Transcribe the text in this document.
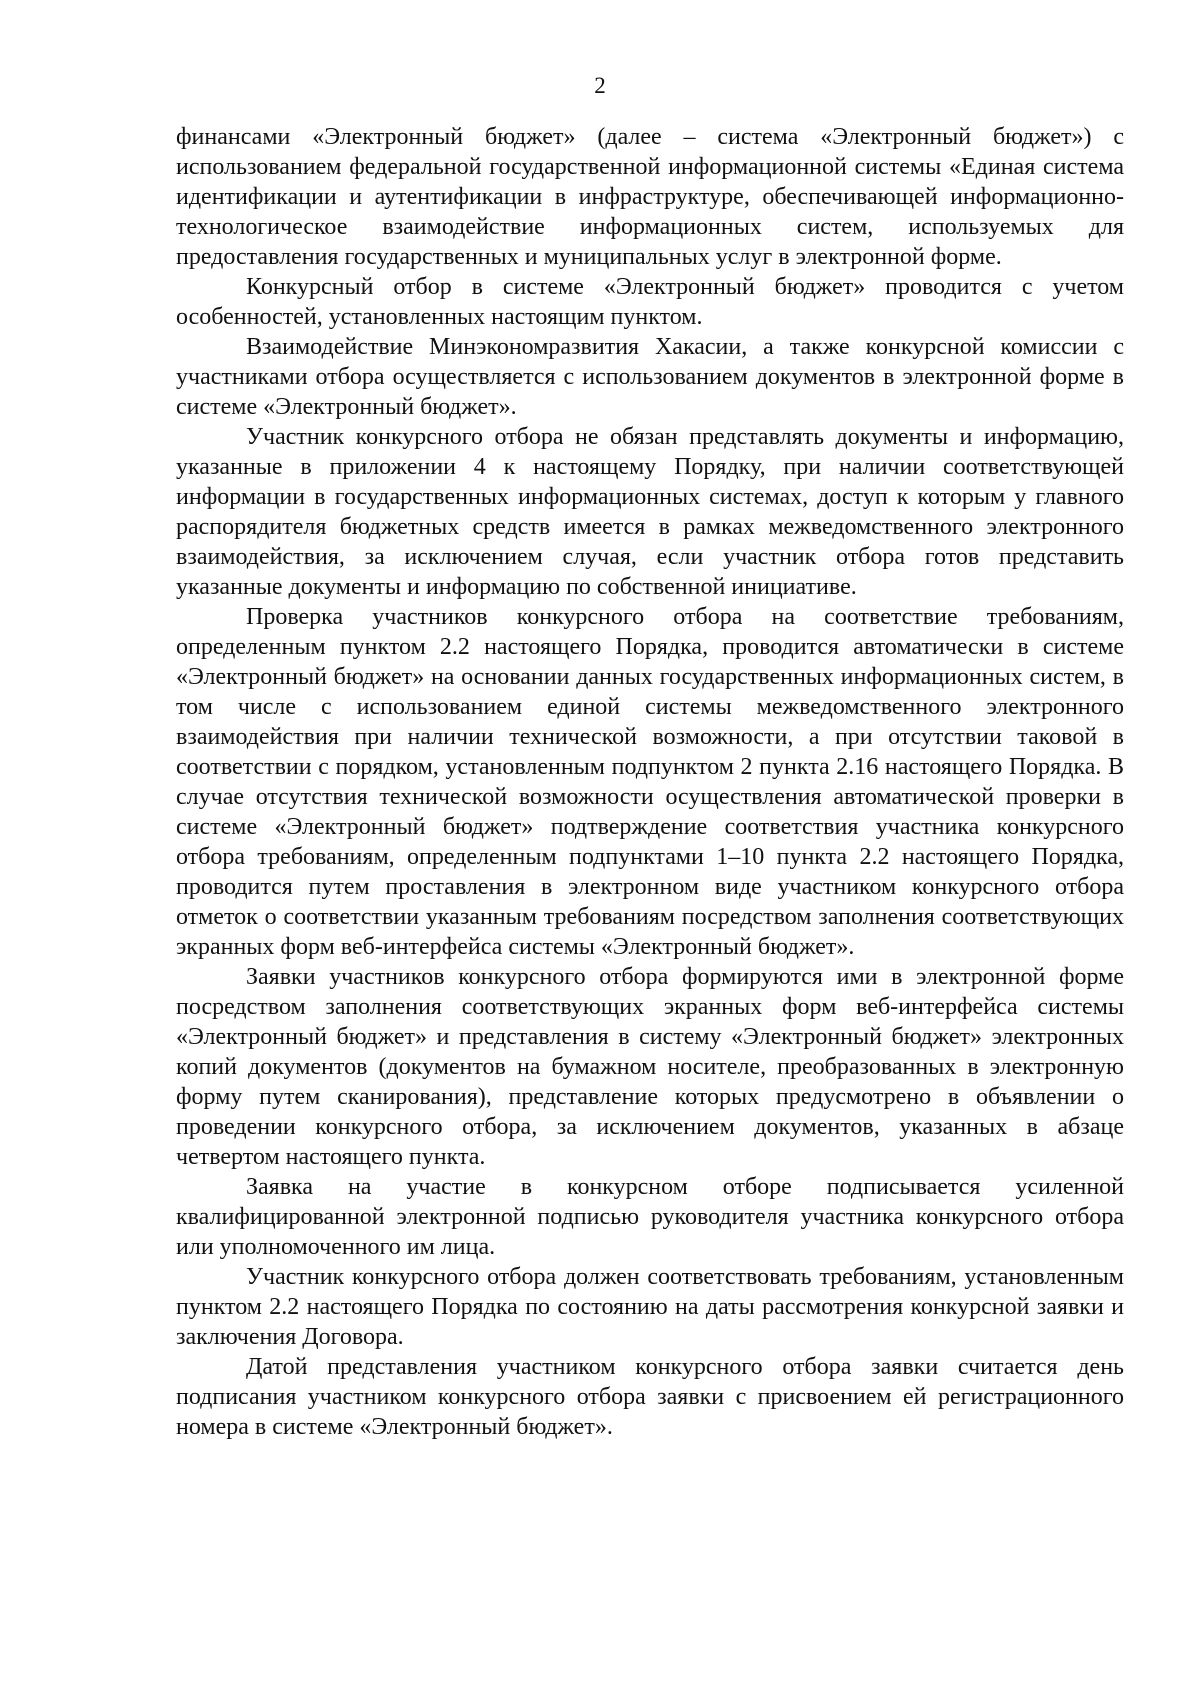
2

финансами «Электронный бюджет» (далее – система «Электронный бюджет») с использованием федеральной государственной информационной системы «Единая система идентификации и аутентификации в инфраструктуре, обеспечивающей информационно-технологическое взаимодействие информационных систем, используемых для предоставления государственных и муниципальных услуг в электронной форме.

Конкурсный отбор в системе «Электронный бюджет» проводится с учетом особенностей, установленных настоящим пунктом.

Взаимодействие Минэкономразвития Хакасии, а также конкурсной комиссии с участниками отбора осуществляется с использованием документов в электронной форме в системе «Электронный бюджет».

Участник конкурсного отбора не обязан представлять документы и информацию, указанные в приложении 4 к настоящему Порядку, при наличии соответствующей информации в государственных информационных системах, доступ к которым у главного распорядителя бюджетных средств имеется в рамках межведомственного электронного взаимодействия, за исключением случая, если участник отбора готов представить указанные документы и информацию по собственной инициативе.

Проверка участников конкурсного отбора на соответствие требованиям, определенным пунктом 2.2 настоящего Порядка, проводится автоматически в системе «Электронный бюджет» на основании данных государственных информационных систем, в том числе с использованием единой системы межведомственного электронного взаимодействия при наличии технической возможности, а при отсутствии таковой в соответствии с порядком, установленным подпунктом 2 пункта 2.16 настоящего Порядка. В случае отсутствия технической возможности осуществления автоматической проверки в системе «Электронный бюджет» подтверждение соответствия участника конкурсного отбора требованиям, определенным подпунктами 1–10 пункта 2.2 настоящего Порядка, проводится путем проставления в электронном виде участником конкурсного отбора отметок о соответствии указанным требованиям посредством заполнения соответствующих экранных форм веб-интерфейса системы «Электронный бюджет».

Заявки участников конкурсного отбора формируются ими в электронной форме посредством заполнения соответствующих экранных форм веб-интерфейса системы «Электронный бюджет» и представления в систему «Электронный бюджет» электронных копий документов (документов на бумажном носителе, преобразованных в электронную форму путем сканирования), представление которых предусмотрено в объявлении о проведении конкурсного отбора, за исключением документов, указанных в абзаце четвертом настоящего пункта.

Заявка на участие в конкурсном отборе подписывается усиленной квалифицированной электронной подписью руководителя участника конкурсного отбора или уполномоченного им лица.

Участник конкурсного отбора должен соответствовать требованиям, установленным пунктом 2.2 настоящего Порядка по состоянию на даты рассмотрения конкурсной заявки и заключения Договора.

Датой представления участником конкурсного отбора заявки считается день подписания участником конкурсного отбора заявки с присвоением ей регистрационного номера в системе «Электронный бюджет».
